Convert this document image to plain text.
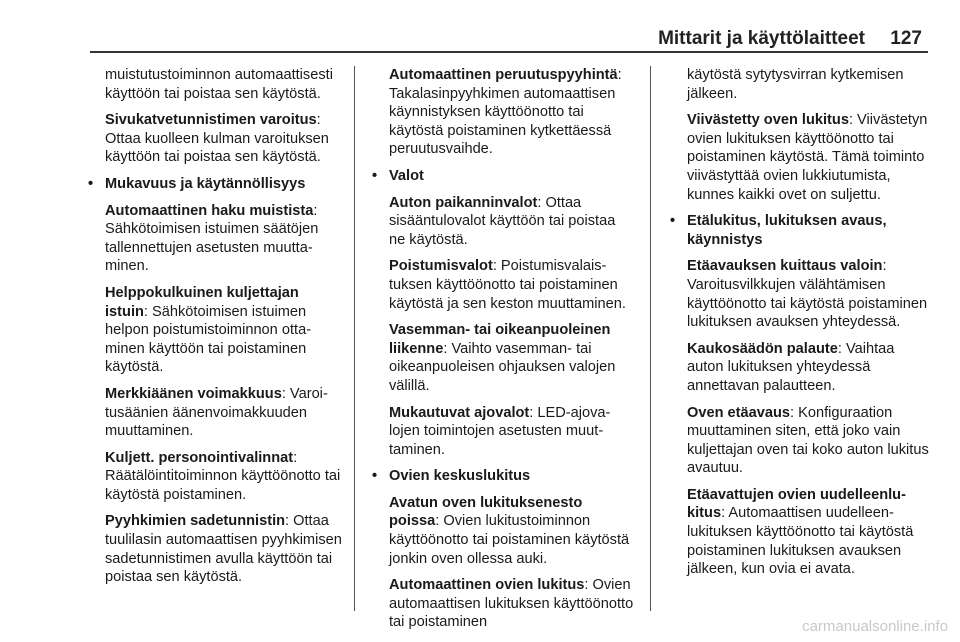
Mittarit ja käyttölaitteet 127

muistutustoiminnon automaattisesti käyttöön tai poistaa sen käytöstä.

Sivukatvetunnistimen varoitus: Ottaa kuolleen kulman varoituksen käyttöön tai poistaa sen käytöstä.

• Mukavuus ja käytännöllisyys

Automaattinen haku muistista: Sähkötoimisen istuimen säätöjen tallennettujen asetusten muuttaminen.

Helppokulkuinen kuljettajan istuin: Sähkötoimisen istuimen helpon poistumistoiminnon ottaminen käyttöön tai poistaminen käytöstä.

Merkkiäänen voimakkuus: Varoitusäänien äänenvoimakkuuden muuttaminen.

Kuljett. personointivalinnat: Räätälöintitoiminnon käyttöönotto tai käytöstä poistaminen.

Pyyhkimien sadetunnistin: Ottaa tuulilasin automaattisen pyyhkimisen sadetunnistimen avulla käyttöön tai poistaa sen käytöstä.

Automaattinen peruutuspyyhintä: Takalasinpyyhkimen automaattisen käynnistyksen käyttöönotto tai käytöstä poistaminen kytkettäessä peruutusvaihde.

• Valot

Auton paikanninvalot: Ottaa sisääntulovalot käyttöön tai poistaa ne käytöstä.

Poistumisvalot: Poistumisvalaistuksen käyttöönotto tai poistaminen käytöstä ja sen keston muuttaminen.

Vasemman- tai oikeanpuoleinen liikenne: Vaihto vasemman- tai oikeanpuoleisen ohjauksen valojen välillä.

Mukautuvat ajovalot: LED-ajovalojen toimintojen asetusten muuttaminen.

• Ovien keskuslukitus

Avatun oven lukituksenesto poissa: Ovien lukitustoiminnon käyttöönotto tai poistaminen käytöstä jonkin oven ollessa auki.

Automaattinen ovien lukitus: Ovien automaattisen lukituksen käyttöönotto tai poistaminen

käytöstä sytytysvirran kytkemisen jälkeen.

Viivästetty oven lukitus: Viivästetyn ovien lukituksen käyttöönotto tai poistaminen käytöstä. Tämä toiminto viivästyttää ovien lukkiutumista, kunnes kaikki ovet on suljettu.

• Etälukitus, lukituksen avaus, käynnistys

Etäavauksen kuittaus valoin: Varoitusvilkkujen välähtämisen käyttöönotto tai käytöstä poistaminen lukituksen avauksen yhteydessä.

Kaukosäädön palaute: Vaihtaa auton lukituksen yhteydessä annettavan palautteen.

Oven etäavaus: Konfiguraation muuttaminen siten, että joko vain kuljettajan oven tai koko auton lukitus avautuu.

Etäavattujen ovien uudelleenlukitus: Automaattisen uudelleenlukituksen käyttöönotto tai käytöstä poistaminen lukituksen avauksen jälkeen, kun ovia ei avata.

carmanualsonline.info
